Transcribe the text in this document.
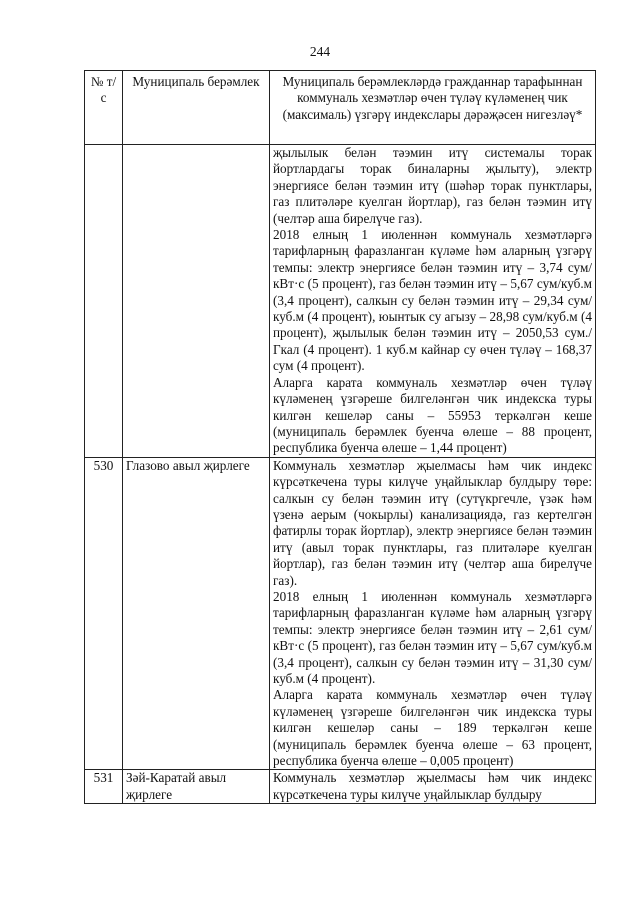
244
№ т/с	Муниципаль берәмлек	Муниципаль берәмлекләрдә гражданнар тарафыннан коммуналь хезмәтләр өчен түләү күләменең чик (максималь) үзгәрү индекслары дәрәҗәсен нигезләү*

		җылылык белән тәэмин итү системалы торак йортлардагы торак биналарны җылыту), электр энергиясе белән тәэмин итү (шәһәр торак пунктлары, газ плитәләре куелган йортлар), газ белән тәэмин итү (челтәр аша бирелүче газ).
2018 елның 1 июленнән коммуналь хезмәтләргә тарифларның фаразланган күләме һәм аларның үзгәрү темпы: электр энергиясе белән тәэмин итү – 3,74 сум/кВт·с (5 процент), газ белән тәэмин итү – 5,67 сум/куб.м (3,4 процент), салкын су белән тәэмин итү – 29,34 сум/куб.м (4 процент), юынтык су агызу – 28,98 сум/куб.м (4 процент), җылылык белән тәэмин итү – 2050,53 сум./Гкал (4 процент). 1 куб.м кайнар су өчен түләү – 168,37 сум (4 процент).
Аларга карата коммуналь хезмәтләр өчен түләү күләменең үзгәреше билгеләнгән чик индекска туры килгән кешеләр саны – 55953 теркәлгән кеше (муниципаль берәмлек буенча өлеше – 88 процент, республика буенча өлеше – 1,44 процент)

530	Глазово авыл җирлеге	Коммуналь хезмәтләр җыелмасы һәм чик индекс күрсәткечена туры килүче уңайлыклар булдыру төре: салкын су белән тәэмин итү (сутүкргечле, үзәк һәм үзенә аерым (чокырлы) канализациядә, газ кертелгән фатирлы торак йортлар), электр энергиясе белән тәэмин итү (авыл торак пунктлары, газ плитәләре куелган йортлар), газ белән тәэмин итү (челтәр аша бирелүче газ).
2018 елның 1 июленнән коммуналь хезмәтләргә тарифларның фаразланган күләме һәм аларның үзгәрү темпы: электр энергиясе белән тәэмин итү – 2,61 сум/кВт·с (5 процент), газ белән тәэмин итү – 5,67 сум/куб.м (3,4 процент), салкын су белән тәэмин итү – 31,30 сум/куб.м (4 процент).
Аларга карата коммуналь хезмәтләр өчен түләү күләменең үзгәреше билгеләнгән чик индекска туры килгән кешеләр саны – 189 теркәлгән кеше (муниципаль берәмлек буенча өлеше – 63 процент, республика буенча өлеше – 0,005 процент)

531	Зәй-Каратай авыл җирлеге	Коммуналь хезмәтләр җыелмасы һәм чик индекс күрсәткечена туры килүче уңайлыклар булдыру
